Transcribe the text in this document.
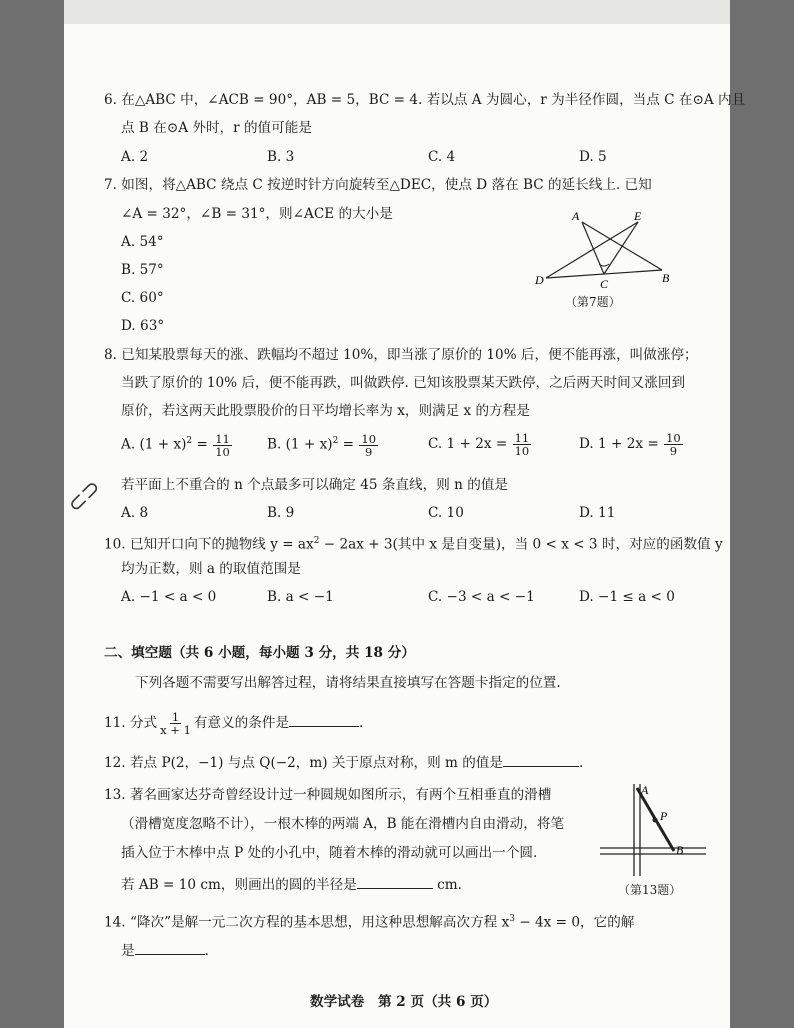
6. 在△ABC 中，∠ACB = 90°，AB = 5，BC = 4. 若以点 A 为圆心，r 为半径作圆，当点 C 在⊙A 内且
点 B 在⊙A 外时，r 的值可能是
A. 2	B. 3	C. 4	D. 5
7. 如图，将△ABC 绕点 C 按逆时针方向旋转至△DEC，使点 D 落在 BC 的延长线上. 已知
∠A = 32°，∠B = 31°，则∠ACE 的大小是
A. 54°
B. 57°
C. 60°
D. 63°
A	E
D	C	B
（第7题）
8. 已知某股票每天的涨、跌幅均不超过 10%，即当涨了原价的 10% 后，便不能再涨，叫做涨停；
当跌了原价的 10% 后，便不能再跌，叫做跌停. 已知该股票某天跌停，之后两天时间又涨回到
原价，若这两天此股票股价的日平均增长率为 x，则满足 x 的方程是
A. $(1 + x)^2 = \frac{11}{10}$	B. $(1 + x)^2 = \frac{10}{9}$	C. $1 + 2x = \frac{11}{10}$	D. $1 + 2x = \frac{10}{9}$
⊂⊃ 若平面上不重合的 n 个点最多可以确定 45 条直线，则 n 的值是
A. 8	B. 9	C. 10	D. 11
10. 已知开口向下的抛物线 $y = ax^2 - 2ax + 3$(其中 x 是自变量)，当 0 < x < 3 时，对应的函数值 y
均为正数，则 a 的取值范围是
A. −1 < a < 0	B. a < −1	C. −3 < a < −1	D. −1 ≤ a < 0
二、填空题（共 6 小题，每小题 3 分，共 18 分）
下列各题不需要写出解答过程，请将结果直接填写在答题卡指定的位置.
11. 分式 $\frac{1}{x + 1}$ 有意义的条件是	.
12. 若点 P(2，−1) 与点 Q(−2，m) 关于原点对称，则 m 的值是	.
13. 著名画家达芬奇曾经设计过一种圆规如图所示，有两个互相垂直的滑槽
（滑槽宽度忽略不计），一根木棒的两端 A，B 能在滑槽内自由滑动，将笔
插入位于木棒中点 P 处的小孔中，随着木棒的滑动就可以画出一个圆.
若 AB = 10 cm，则画出的圆的半径是	cm.
A
P
B
（第13题）
14. “降次”是解一元二次方程的基本思想，用这种思想解高次方程 $x^3 - 4x = 0$，它的解
是	.
数学试卷　第 2 页（共 6 页）
